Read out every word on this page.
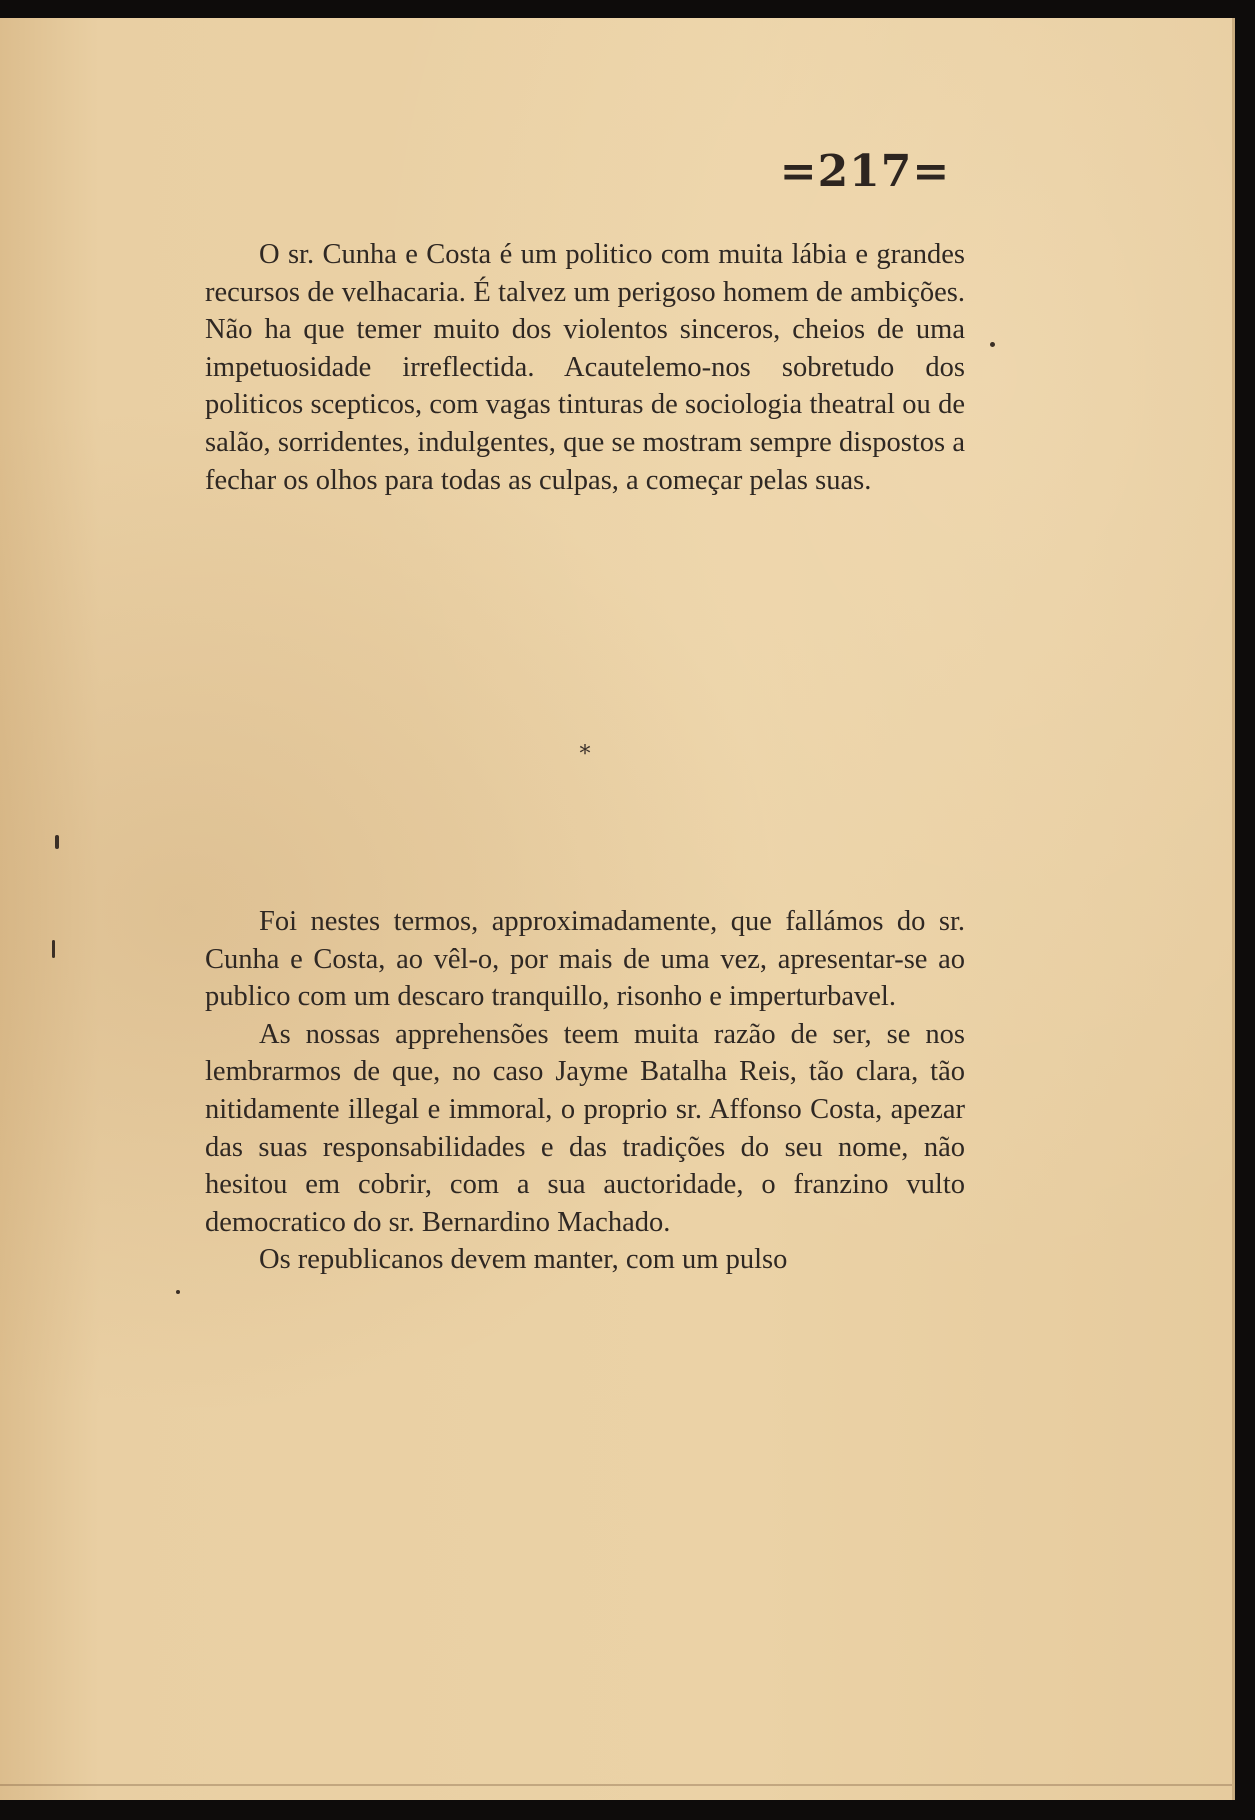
=217=

O sr. Cunha e Costa é um politico com muita lábia e grandes recursos de velhacaria. É talvez um perigoso homem de ambições. Não ha que temer muito dos violentos sinceros, cheios de uma impetuosidade irreflectida. Acautelemo-nos sobretudo dos politicos scepticos, com vagas tinturas de sociologia theatral ou de salão, sorridentes, indulgentes, que se mostram sempre dispostos a fechar os olhos para todas as culpas, a começar pelas suas.

*

Foi nestes termos, approximadamente, que fallámos do sr. Cunha e Costa, ao vêl-o, por mais de uma vez, apresentar-se ao publico com um descaro tranquillo, risonho e imperturbavel.

As nossas apprehensões teem muita razão de ser, se nos lembrarmos de que, no caso Jayme Batalha Reis, tão clara, tão nitidamente illegal e immoral, o proprio sr. Affonso Costa, apezar das suas responsabilidades e das tradições do seu nome, não hesitou em cobrir, com a sua auctoridade, o franzino vulto democratico do sr. Bernardino Machado.

Os republicanos devem manter, com um pulso
